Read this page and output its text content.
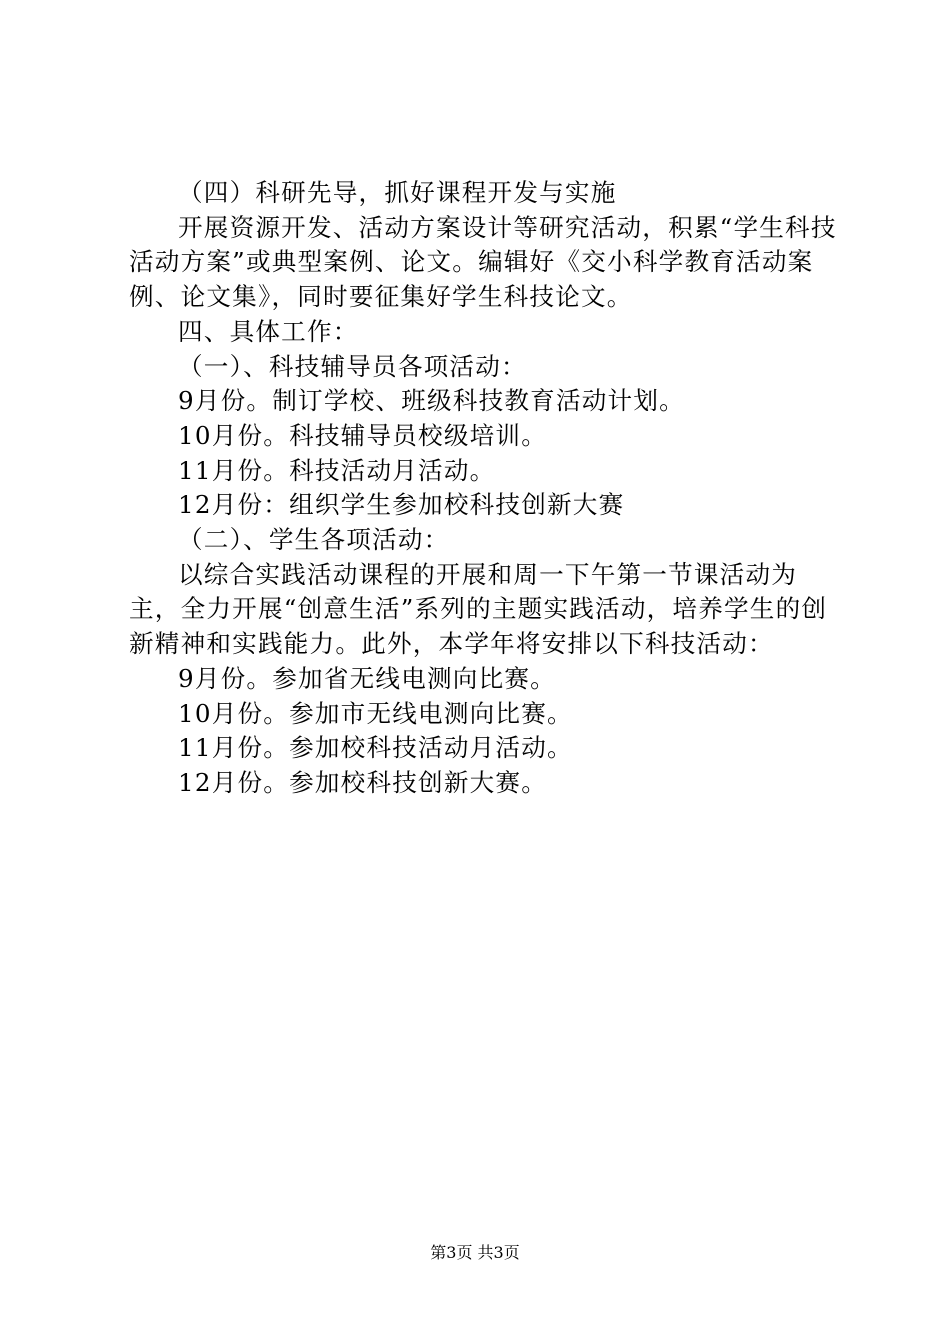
（四）科研先导，抓好课程开发与实施

开展资源开发、活动方案设计等研究活动，积累“学生科技活动方案”或典型案例、论文。编辑好《交小科学教育活动案例、论文集》，同时要征集好学生科技论文。

四、具体工作：

（一）、科技辅导员各项活动：

9月份。制订学校、班级科技教育活动计划。

10月份。科技辅导员校级培训。

11月份。科技活动月活动。

12月份：组织学生参加校科技创新大赛

（二）、学生各项活动：

以综合实践活动课程的开展和周一下午第一节课活动为主，全力开展“创意生活”系列的主题实践活动，培养学生的创新精神和实践能力。此外，本学年将安排以下科技活动：

9月份。参加省无线电测向比赛。

10月份。参加市无线电测向比赛。

11月份。参加校科技活动月活动。

12月份。参加校科技创新大赛。

第3页 共3页
